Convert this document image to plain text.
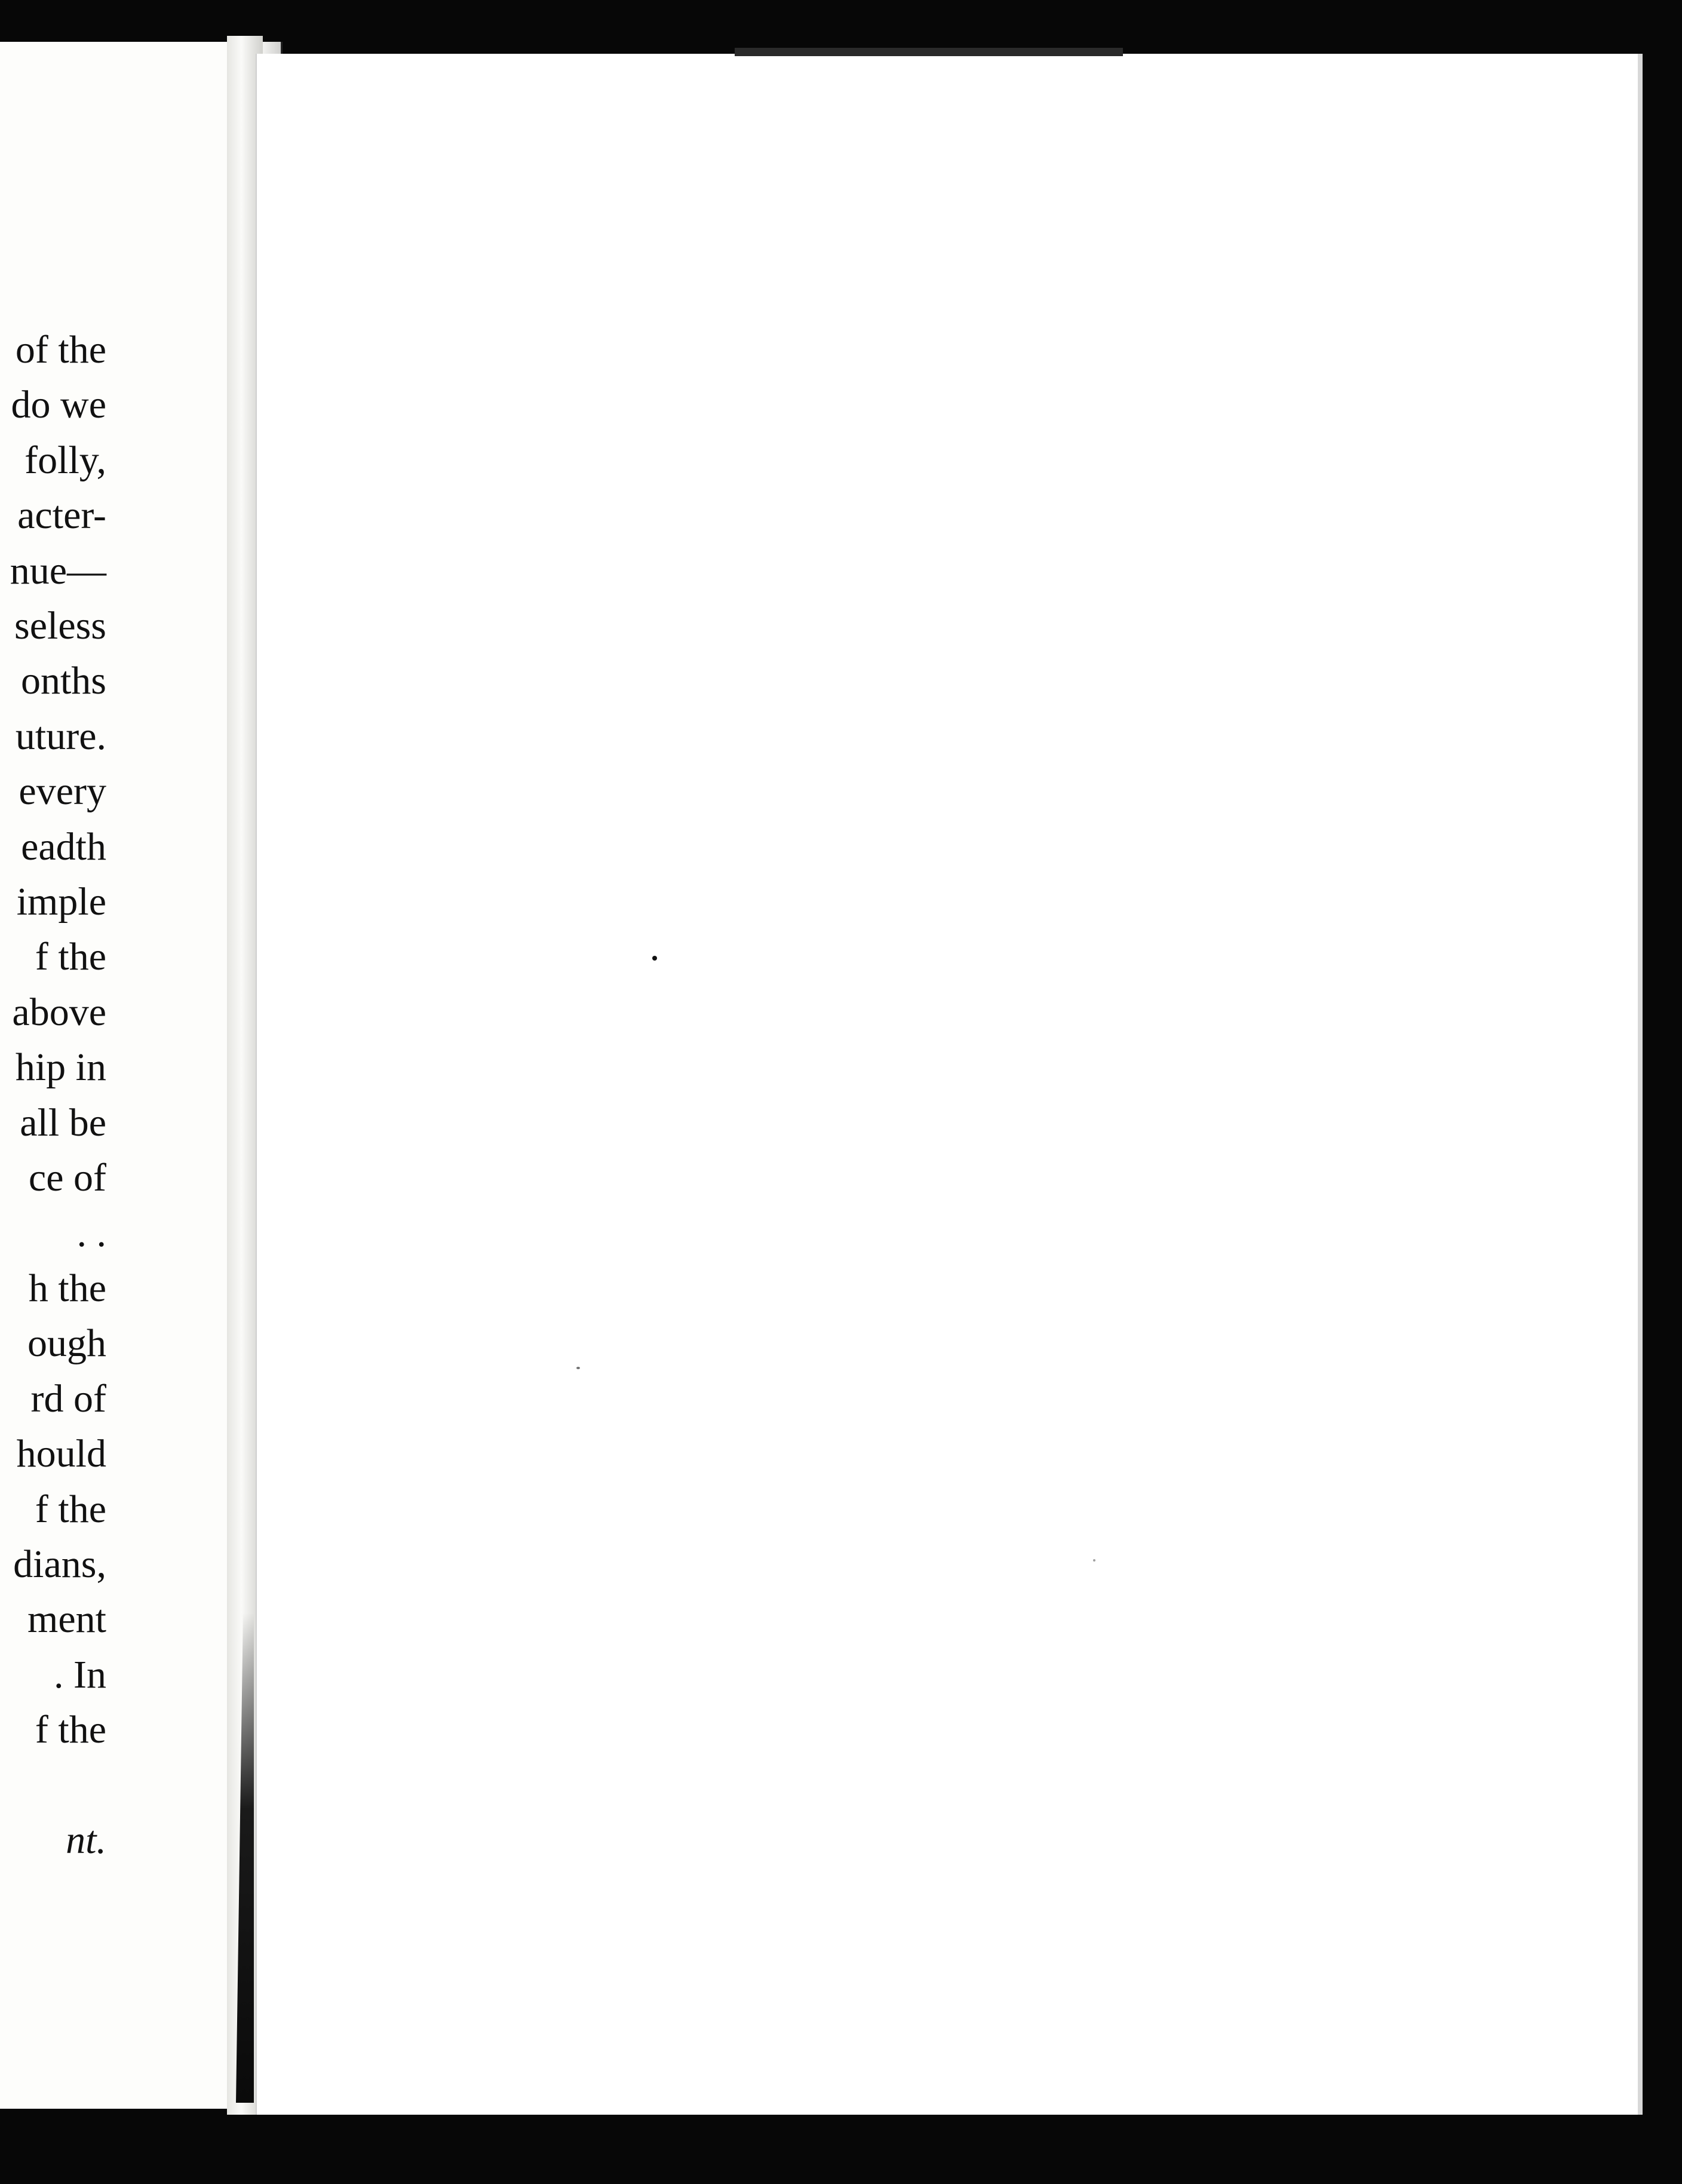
of the
do we
folly,
acter-
nue—
seless
onths
uture.
every
eadth
imple
f the
above
hip in
all be
ce of
. .
h the
ough
rd of
hould
f the
dians,
ment
. In
f the
nt.
